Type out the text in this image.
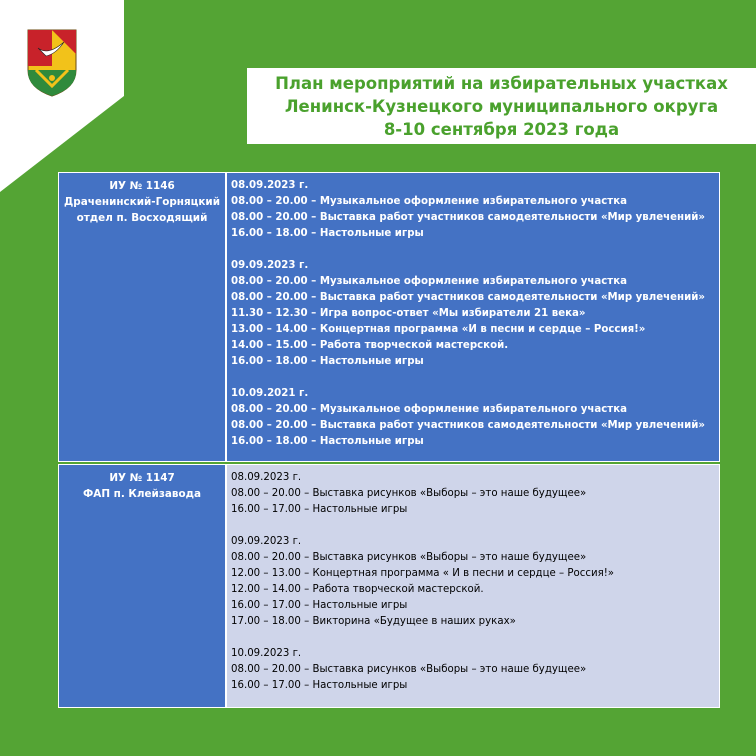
План мероприятий на избирательных участках
Ленинск-Кузнецкого муниципального округа
8-10 сентября 2023 года
ИУ № 1146
Драченинский-Горняцкий
отдел п. Восходящий
08.09.2023 г.
08.00 – 20.00 – Музыкальное оформление избирательного участка
08.00 – 20.00 – Выставка работ участников самодеятельности «Мир увлечений»
16.00 – 18.00 – Настольные игры
09.09.2023 г.
08.00 – 20.00 – Музыкальное оформление избирательного участка
08.00 – 20.00 – Выставка работ участников самодеятельности «Мир увлечений»
11.30 – 12.30 – Игра вопрос-ответ «Мы избиратели 21 века»
13.00 – 14.00 – Концертная программа «И в песни и сердце – Россия!»
14.00 – 15.00 – Работа творческой мастерской.
16.00 – 18.00 – Настольные игры
10.09.2021 г.
08.00 – 20.00 – Музыкальное оформление избирательного участка
08.00 – 20.00 – Выставка работ участников самодеятельности «Мир увлечений»
16.00 – 18.00 – Настольные игры
ИУ № 1147
ФАП п. Клейзавода
08.09.2023 г.
08.00 – 20.00 – Выставка рисунков «Выборы – это наше будущее»
16.00 – 17.00 – Настольные игры
09.09.2023 г.
08.00 – 20.00 – Выставка рисунков «Выборы – это наше будущее»
12.00 – 13.00 – Концертная программа « И в песни и сердце – Россия!»
12.00 – 14.00 – Работа творческой мастерской.
16.00 – 17.00 – Настольные игры
17.00 – 18.00 – Викторина «Будущее в наших руках»
10.09.2023 г.
08.00 – 20.00 – Выставка рисунков «Выборы – это наше будущее»
16.00 – 17.00 – Настольные игры
